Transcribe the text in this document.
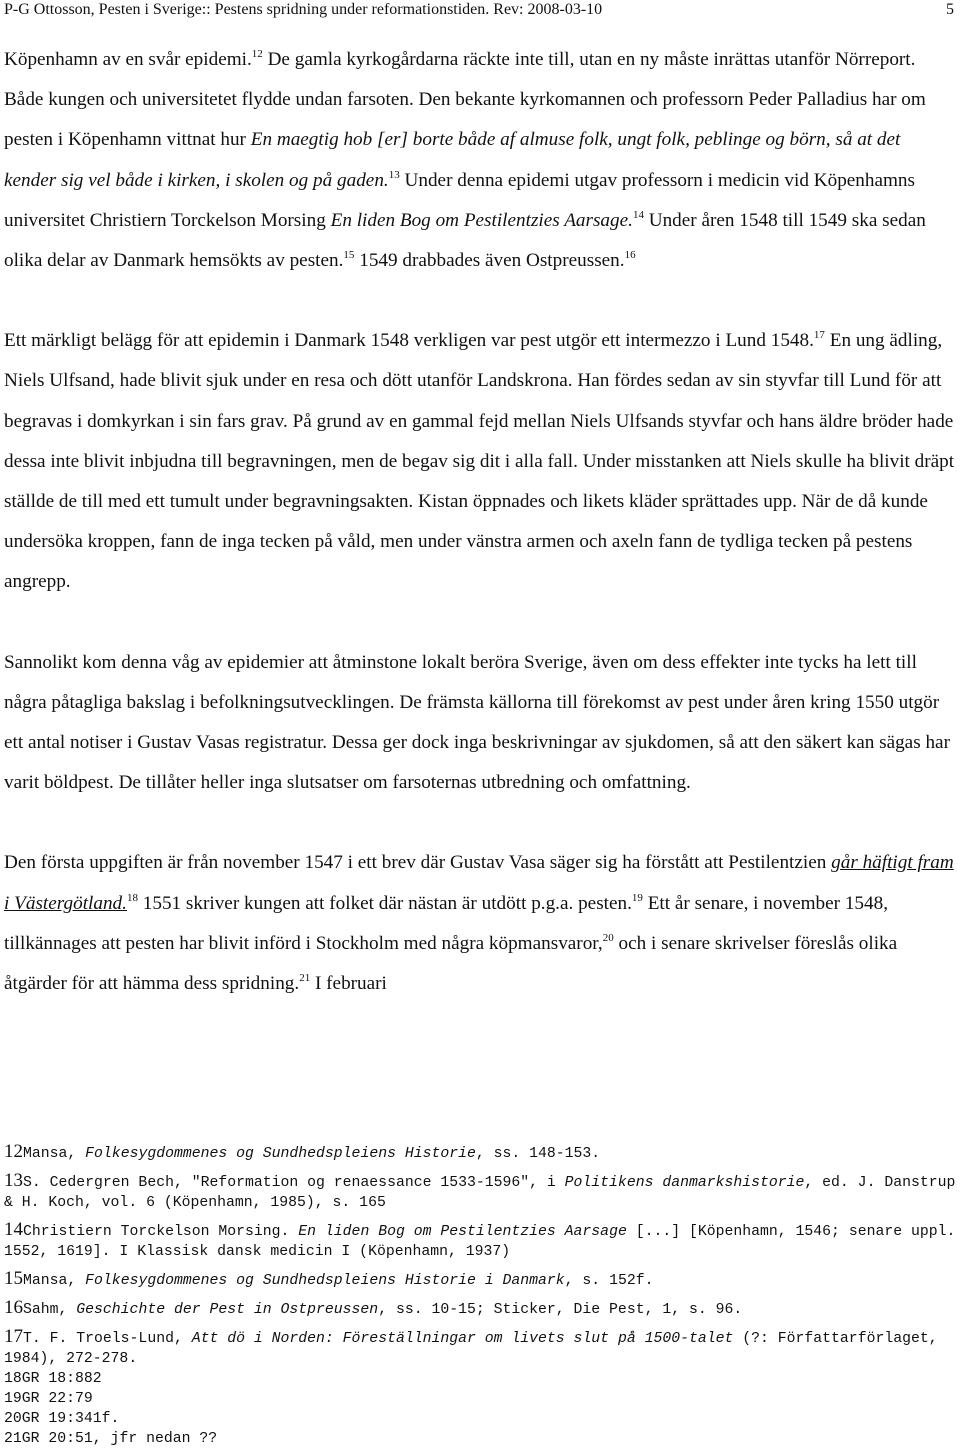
P-G Ottosson, Pesten i Sverige:: Pestens spridning under reformationstiden. Rev: 2008-03-10	5

Köpenhamn av en svår epidemi.$^{12}$ De gamla kyrkogårdarna räckte inte till, utan en ny måste inrättas utanför Nörreport. Både kungen och universitetet flydde undan farsoten. Den bekante kyrkomannen och professorn Peder Palladius har om pesten i Köpenhamn vittnat hur En maegtig hob [er] borte både af almuse folk, ungt folk, peblinge og börn, så at det kender sig vel både i kirken, i skolen og på gaden.$^{13}$ Under denna epidemi utgav professorn i medicin vid Köpenhamns universitet Christiern Torckelson Morsing En liden Bog om Pestilentzies Aarsage.$^{14}$ Under åren 1548 till 1549 ska sedan olika delar av Danmark hemsökts av pesten.$^{15}$ 1549 drabbades även Ostpreussen.$^{16}$

Ett märkligt belägg för att epidemin i Danmark 1548 verkligen var pest utgör ett intermezzo i Lund 1548.17 En ung ädling, Niels Ulfsand, hade blivit sjuk under en resa och dött utanför Landskrona. Han fördes sedan av sin styvfar till Lund för att begravas i domkyrkan i sin fars grav. På grund av en gammal fejd mellan Niels Ulfsands styvfar och hans äldre bröder hade dessa inte blivit inbjudna till begravningen, men de begav sig dit i alla fall. Under misstanken att Niels skulle ha blivit dräpt ställde de till med ett tumult under begravningsakten. Kistan öppnades och likets kläder sprättades upp. När de då kunde undersöka kroppen, fann de inga tecken på våld, men under vänstra armen och axeln fann de tydliga tecken på pestens angrepp.

Sannolikt kom denna våg av epidemier att åtminstone lokalt beröra Sverige, även om dess effekter inte tycks ha lett till några påtagliga bakslag i befolkningsutvecklingen. De främsta källorna till förekomst av pest under åren kring 1550 utgör ett antal notiser i Gustav Vasas registratur. Dessa ger dock inga beskrivningar av sjukdomen, så att den säkert kan sägas har varit böldpest. De tillåter heller inga slutsatser om farsoternas utbredning och omfattning.

Den första uppgiften är från november 1547 i ett brev där Gustav Vasa säger sig ha förstått att Pestilentzien går häftigt fram i Västergötland.$^{18}$ 1551 skriver kungen att folket där nästan är utdött p.g.a. pesten.$^{19}$ Ett år senare, i november 1548, tillkännages att pesten har blivit införd i Stockholm med några köpmansvaror,$^{20}$ och i senare skrivelser föreslås olika åtgärder för att hämma dess spridning.$^{21}$ I februari

12Mansa, Folkesygdommenes og Sundhedspleiens Historie, ss. 148-153.
13S. Cedergren Bech, "Reformation og renaessance 1533-1596", i Politikens danmarkshistorie, ed. J. Danstrup & H. Koch, vol. 6 (Köpenhamn, 1985), s. 165
14Christiern Torckelson Morsing. En liden Bog om Pestilentzies Aarsage [...] [Köpenhamn, 1546; senare uppl. 1552, 1619]. I Klassisk dansk medicin I (Köpenhamn, 1937)
15Mansa, Folkesygdommenes og Sundhedspleiens Historie i Danmark, s. 152f.
16Sahm, Geschichte der Pest in Ostpreussen, ss. 10-15; Sticker, Die Pest, 1, s. 96.
17T. F. Troels-Lund, Att dö i Norden: Föreställningar om livets slut på 1500-talet (?: Författarförlaget, 1984), 272-278.
18GR 18:882
19GR 22:79
20GR 19:341f.
21GR 20:51, jfr nedan ??
